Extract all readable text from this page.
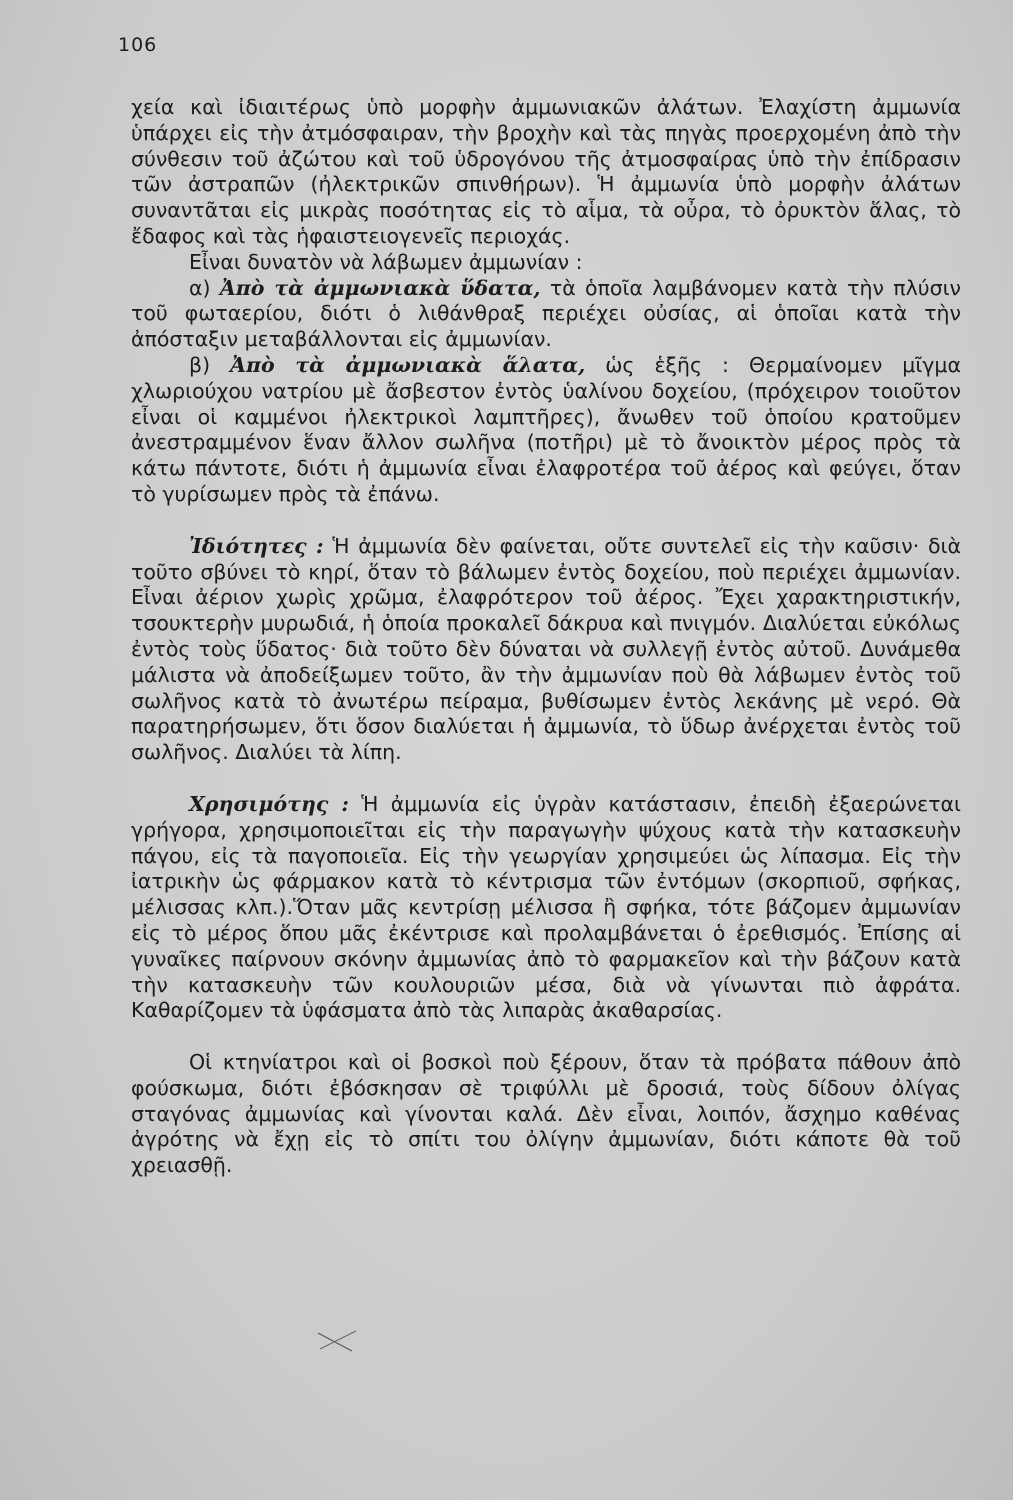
106

χεία καὶ ἰδιαιτέρως ὑπὸ μορφὴν ἀμμωνιακῶν ἀλάτων. Ἐλαχίστη ἀμμωνία ὑπάρχει εἰς τὴν ἀτμόσφαιραν, τὴν βροχὴν καὶ τὰς πηγὰς προερχομένη ἀπὸ τὴν σύνθεσιν τοῦ ἀζώτου καὶ τοῦ ὑδρογόνου τῆς ἀτμοσφαίρας ὑπὸ τὴν ἐπίδρασιν τῶν ἀστραπῶν (ἠλεκτρικῶν σπινθήρων). Ἡ ἀμμωνία ὑπὸ μορφὴν ἀλάτων συναντᾶται εἰς μικρὰς ποσότητας εἰς τὸ αἷμα, τὰ οὖρα, τὸ ὀρυκτὸν ἅλας, τὸ ἔδαφος καὶ τὰς ἡφαιστειογενεῖς περιοχάς.

Εἶναι δυνατὸν νὰ λάβωμεν ἀμμωνίαν :

α) Ἀπὸ τὰ ἀμμωνιακὰ ὕδατα, τὰ ὁποῖα λαμβάνομεν κατὰ τὴν πλύσιν τοῦ φωταερίου, διότι ὁ λιθάνθραξ περιέχει οὐσίας, αἱ ὁποῖαι κατὰ τὴν ἀπόσταξιν μεταβάλλονται εἰς ἀμμωνίαν.

β) Ἀπὸ τὰ ἀμμωνιακὰ ἅλατα, ὡς ἑξῆς : Θερμαίνομεν μῖγμα χλωριούχου νατρίου μὲ ἄσβεστον ἐντὸς ὑαλίνου δοχείου, (πρόχειρον τοιοῦτον εἶναι οἱ καμμένοι ἠλεκτρικοὶ λαμπτῆρες), ἄνωθεν τοῦ ὁποίου κρατοῦμεν ἀνεστραμμένον ἕναν ἄλλον σωλῆνα (ποτῆρι) μὲ τὸ ἄνοικτὸν μέρος πρὸς τὰ κάτω πάντοτε, διότι ἡ ἀμμωνία εἶναι ἐλαφροτέρα τοῦ ἀέρος καὶ φεύγει, ὅταν τὸ γυρίσωμεν πρὸς τὰ ἐπάνω.

Ἰδιότητες : Ἡ ἀμμωνία δὲν φαίνεται, οὔτε συντελεῖ εἰς τὴν καῦσιν· διὰ τοῦτο σβύνει τὸ κηρί, ὅταν τὸ βάλωμεν ἐντὸς δοχείου, ποὺ περιέχει ἀμμωνίαν. Εἶναι ἀέριον χωρὶς χρῶμα, ἐλαφρότερον τοῦ ἀέρος. Ἔχει χαρακτηριστικήν, τσουκτερὴν μυρωδιά, ἡ ὁποία προκαλεῖ δάκρυα καὶ πνιγμόν. Διαλύεται εὐκόλως ἐντὸς τοὺς ὕδατος· διὰ τοῦτο δὲν δύναται νὰ συλλεγῇ ἐντὸς αὐτοῦ. Δυνάμεθα μάλιστα νὰ ἀποδείξωμεν τοῦτο, ἂν τὴν ἀμμωνίαν ποὺ θὰ λάβωμεν ἐντὸς τοῦ σωλῆνος κατὰ τὸ ἀνωτέρω πείραμα, βυθίσωμεν ἐντὸς λεκάνης μὲ νερό. Θὰ παρατηρήσωμεν, ὅτι ὅσον διαλύεται ἡ ἀμμωνία, τὸ ὕδωρ ἀνέρχεται ἐντὸς τοῦ σωλῆνος. Διαλύει τὰ λίπη.

Χρησιμότης : Ἡ ἀμμωνία εἰς ὑγρὰν κατάστασιν, ἐπειδὴ ἐξαερώνεται γρήγορα, χρησιμοποιεῖται εἰς τὴν παραγωγὴν ψύχους κατὰ τὴν κατασκευὴν πάγου, εἰς τὰ παγοποιεῖα. Εἰς τὴν γεωργίαν χρησιμεύει ὡς λίπασμα. Εἰς τὴν ἰατρικὴν ὡς φάρμακον κατὰ τὸ κέντρισμα τῶν ἐντόμων (σκορπιοῦ, σφήκας, μέλισσας κλπ.).Ὅταν μᾶς κεντρίσῃ μέλισσα ἢ σφήκα, τότε βάζομεν ἀμμωνίαν εἰς τὸ μέρος ὅπου μᾶς ἐκέντρισε καὶ προλαμβάνεται ὁ ἐρεθισμός. Ἐπίσης αἱ γυναῖκες παίρνουν σκόνην ἀμμωνίας ἀπὸ τὸ φαρμακεῖον καὶ τὴν βάζουν κατὰ τὴν κατασκευὴν τῶν κουλουριῶν μέσα, διὰ νὰ γίνωνται πιὸ ἀφράτα. Καθαρίζομεν τὰ ὑφάσματα ἀπὸ τὰς λιπαρὰς ἀκαθαρσίας.

Οἱ κτηνίατροι καὶ οἱ βοσκοὶ ποὺ ξέρουν, ὅταν τὰ πρόβατα πάθουν ἀπὸ φούσκωμα, διότι ἐβόσκησαν σὲ τριφύλλι μὲ δροσιά, τοὺς δίδουν ὀλίγας σταγόνας ἀμμωνίας καὶ γίνονται καλά. Δὲν εἶναι, λοιπόν, ἄσχημο καθένας ἀγρότης νὰ ἔχῃ εἰς τὸ σπίτι του ὀλίγην ἀμμωνίαν, διότι κάποτε θὰ τοῦ χρειασθῇ.
